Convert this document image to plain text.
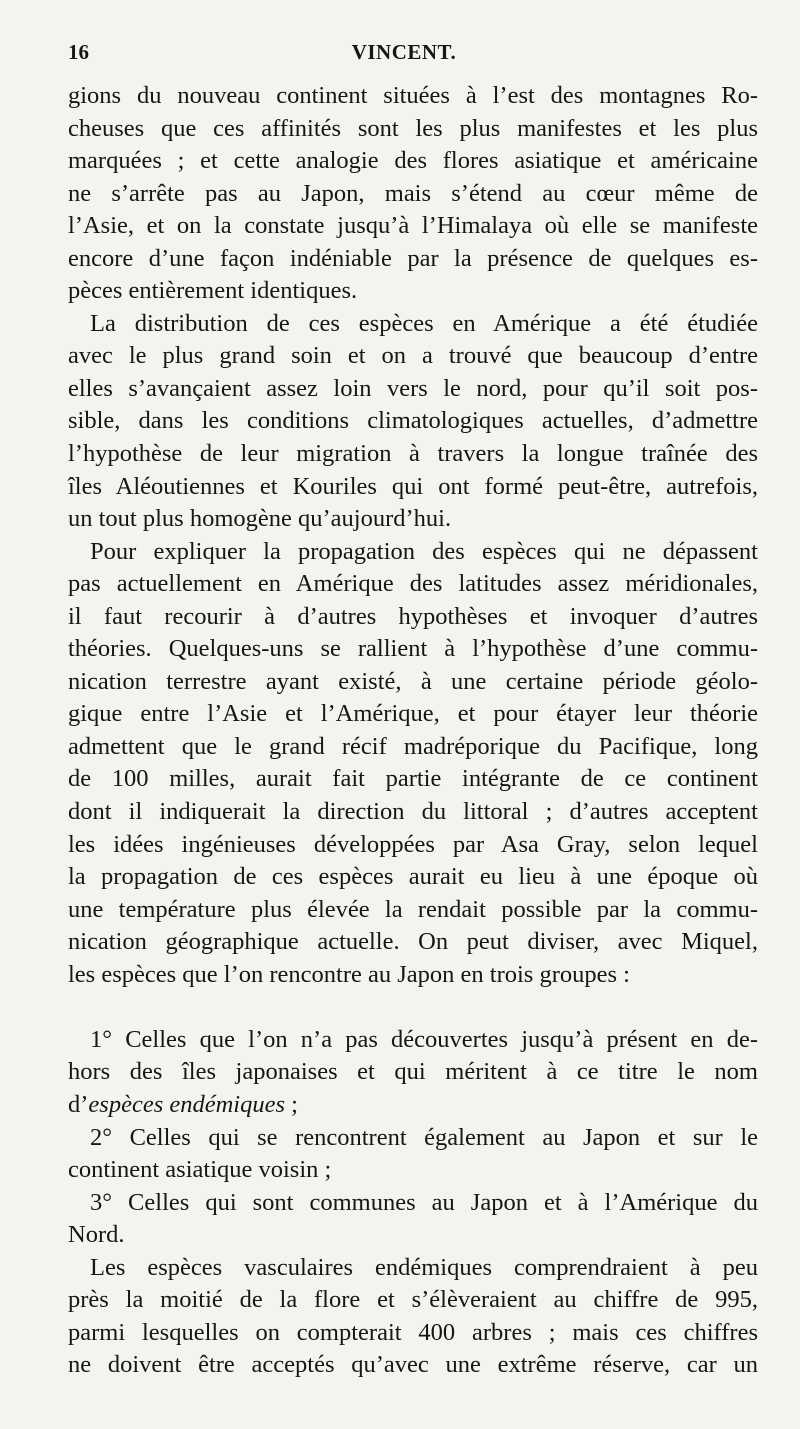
16	VINCENT.
gions du nouveau continent situées à l’est des montagnes Ro-
cheuses que ces affinités sont les plus manifestes et les plus
marquées ; et cette analogie des flores asiatique et américaine
ne s’arrête pas au Japon, mais s’étend au cœur même de
l’Asie, et on la constate jusqu’à l’Himalaya où elle se manifeste
encore d’une façon indéniable par la présence de quelques es-
pèces entièrement identiques.
La distribution de ces espèces en Amérique a été étudiée
avec le plus grand soin et on a trouvé que beaucoup d’entre
elles s’avançaient assez loin vers le nord, pour qu’il soit pos-
sible, dans les conditions climatologiques actuelles, d’admettre
l’hypothèse de leur migration à travers la longue traînée des
îles Aléoutiennes et Kouriles qui ont formé peut-être, autrefois,
un tout plus homogène qu’aujourd’hui.
Pour expliquer la propagation des espèces qui ne dépassent
pas actuellement en Amérique des latitudes assez méridionales,
il faut recourir à d’autres hypothèses et invoquer d’autres
théories. Quelques-uns se rallient à l’hypothèse d’une commu-
nication terrestre ayant existé, à une certaine période géolo-
gique entre l’Asie et l’Amérique, et pour étayer leur théorie
admettent que le grand récif madréporique du Pacifique, long
de 100 milles, aurait fait partie intégrante de ce continent
dont il indiquerait la direction du littoral ; d’autres acceptent
les idées ingénieuses développées par Asa Gray, selon lequel
la propagation de ces espèces aurait eu lieu à une époque où
une température plus élevée la rendait possible par la commu-
nication géographique actuelle. On peut diviser, avec Miquel,
les espèces que l’on rencontre au Japon en trois groupes :
1° Celles que l’on n’a pas découvertes jusqu’à présent en de-
hors des îles japonaises et qui méritent à ce titre le nom
d’espèces endémiques ;
2° Celles qui se rencontrent également au Japon et sur le
continent asiatique voisin ;
3° Celles qui sont communes au Japon et à l’Amérique du
Nord.
Les espèces vasculaires endémiques comprendraient à peu
près la moitié de la flore et s’élèveraient au chiffre de 995,
parmi lesquelles on compterait 400 arbres ; mais ces chiffres
ne doivent être acceptés qu’avec une extrême réserve, car un
